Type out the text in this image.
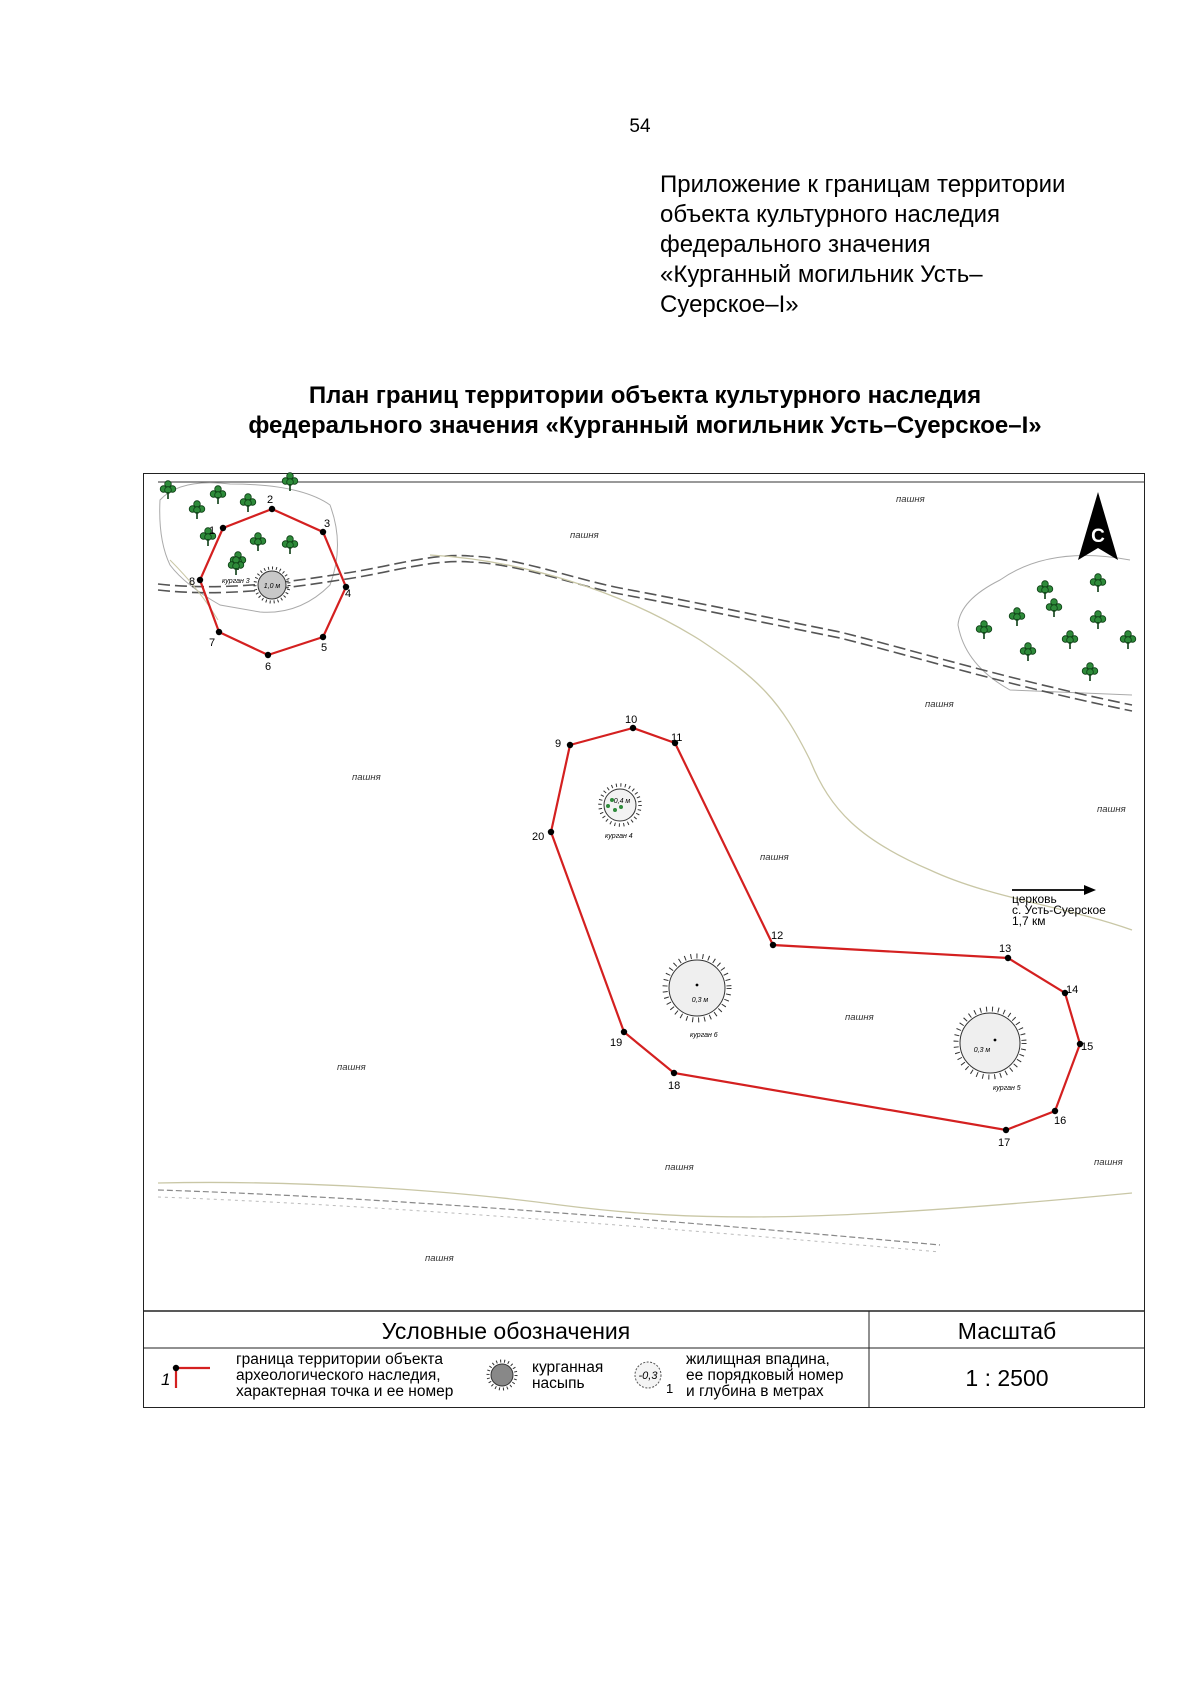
54
Приложение к границам территории
объекта культурного наследия
федерального значения
«Курганный могильник Усть–
Суерское–I»
План границ территории объекта культурного наследия
федерального значения «Курганный могильник Усть–Суерское–I»
С
церковь
с. Усть-Суерское
1,7 км
пашня
пашня
пашня
пашня
пашня
пашня
пашня
пашня
пашня	пашня
пашня
1,0 м
курган 3
0,4 м
курган 4
0,3 м
курган 6
0,3 м
курган 5
1
2
3
4
5
6
7
8
9
10
11
12
13
14
15
16
17
18
19
20
1	-0,3
1
Условные обозначения	Масштаб
граница территории объекта
археологического наследия,
характерная точка и ее номер
курганная
насыпь
жилищная впадина,
ее порядковый номер
и глубина в метрах
1 : 2500
